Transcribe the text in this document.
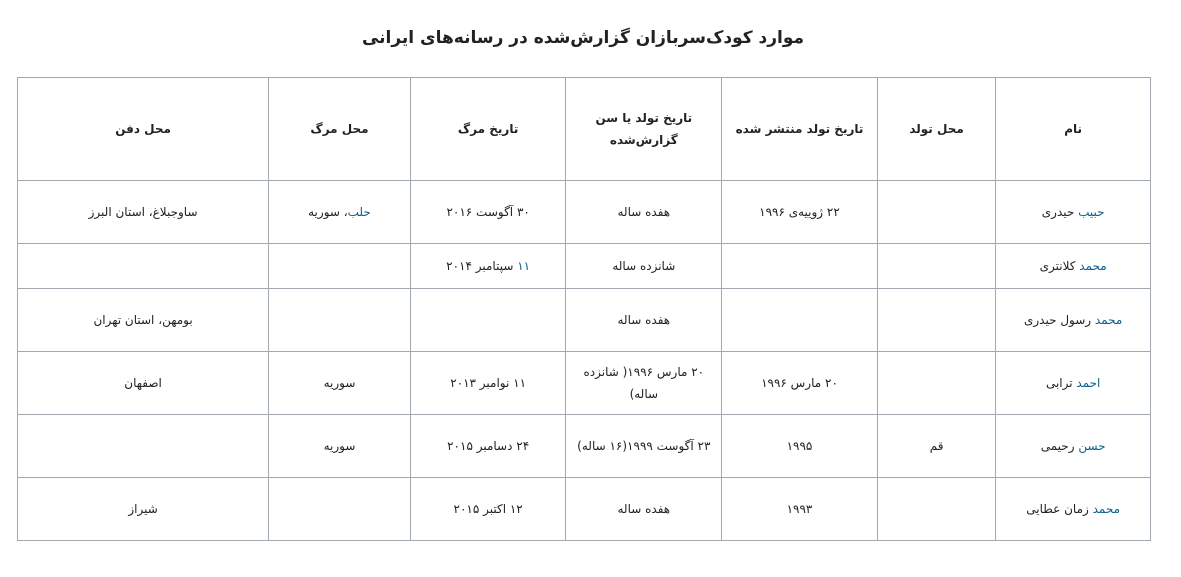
موارد کودک‌سربازان گزارش‌شده در رسانه‌های ایرانی
نام	محل تولد	تاریخ تولد منتشر شده	تاریخ تولد یا سن گزارش‌شده	تاریخ مرگ	محل مرگ	محل دفن
حبیب حیدری		۲۲ ژوییه‌ی ۱۹۹۶	هفده ساله	۳۰ آگوست ۲۰۱۶	حلب، سوریه	ساوجبلاغ، استان البرز
محمد کلانتری			شانزده ساله	۱۱ سپتامبر ۲۰۱۴		
محمد رسول حیدری			هفده ساله			بومهن، استان تهران
احمد ترابی		۲۰ مارس ۱۹۹۶	۲۰ مارس ۱۹۹۶( شانزده ساله)	۱۱ نوامبر ۲۰۱۳	سوریه	اصفهان
حسن رحیمی	قم	۱۹۹۵	۲۳ آگوست ۱۹۹۹(۱۶ ساله)	۲۴ دسامبر ۲۰۱۵	سوریه	
محمد زمان عطایی		۱۹۹۳	هفده ساله	۱۲ اکتبر ۲۰۱۵		شیراز
